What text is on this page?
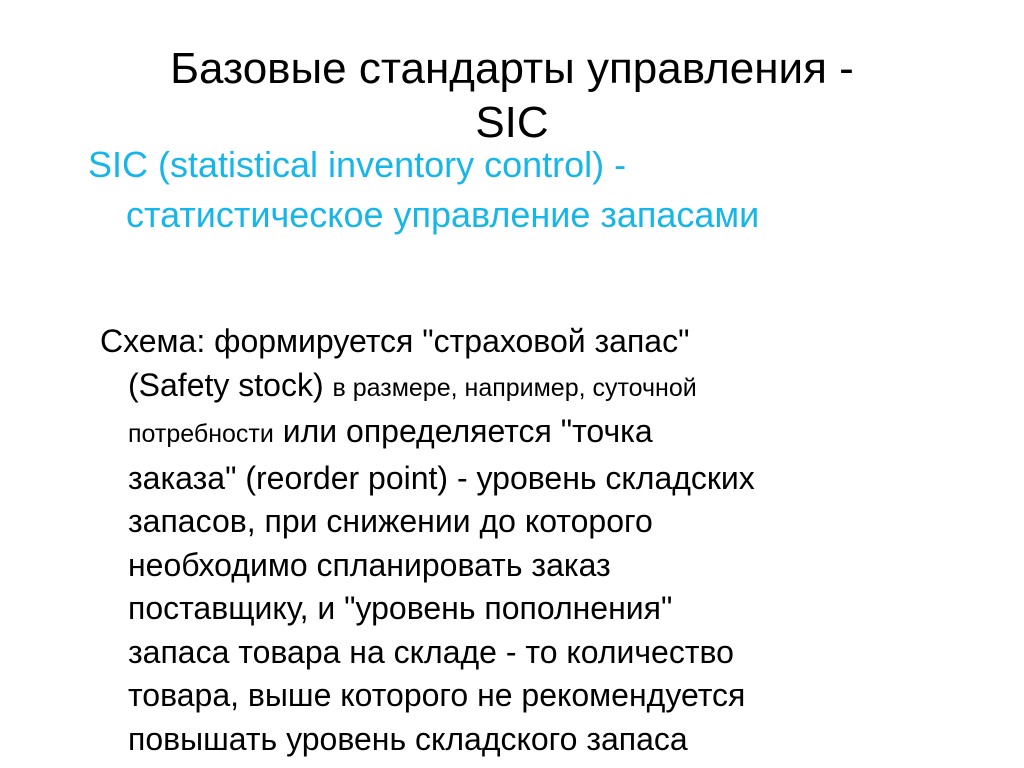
Базовые стандарты управления -
SIC
SIC (statistical inventory control) -
статистическое управление запасами
Схема: формируется "страховой запас"
(Safety stock) в размере, например, суточной
потребности или определяется "точка
заказа" (reorder point) - уровень складских
запасов, при снижении до которого
необходимо спланировать заказ
поставщику, и "уровень пополнения"
запаса товара на складе - то количество
товара, выше которого не рекомендуется
повышать уровень складского запаса
